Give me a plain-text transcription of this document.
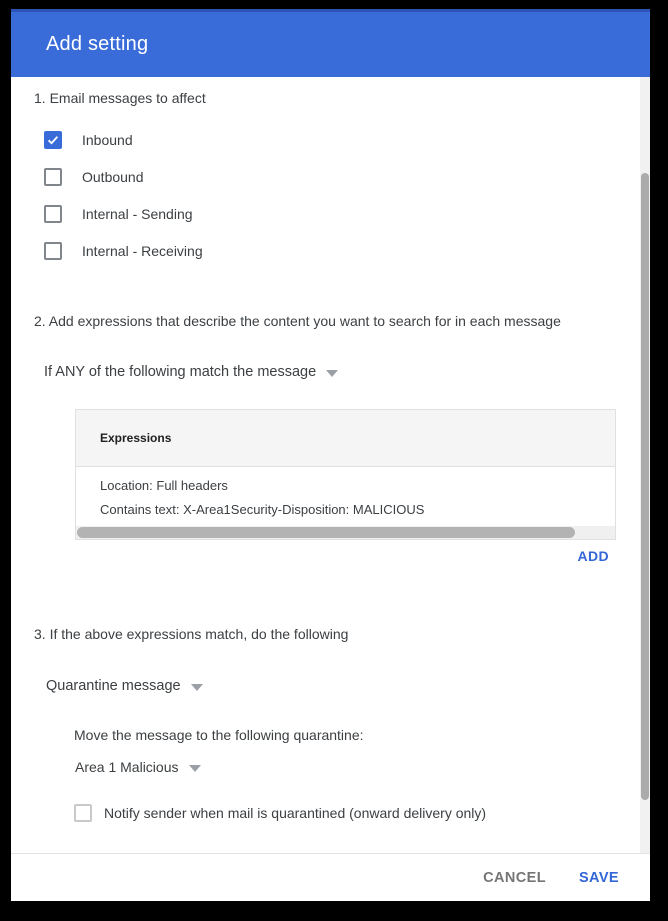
Add setting
1. Email messages to affect
Inbound
Outbound
Internal - Sending
Internal - Receiving
2. Add expressions that describe the content you want to search for in each message
If ANY of the following match the message
Expressions
Location: Full headers
Contains text: X-Area1Security-Disposition: MALICIOUS
ADD
3. If the above expressions match, do the following
Quarantine message
Move the message to the following quarantine:
Area 1 Malicious
Notify sender when mail is quarantined (onward delivery only)
CANCEL SAVE
